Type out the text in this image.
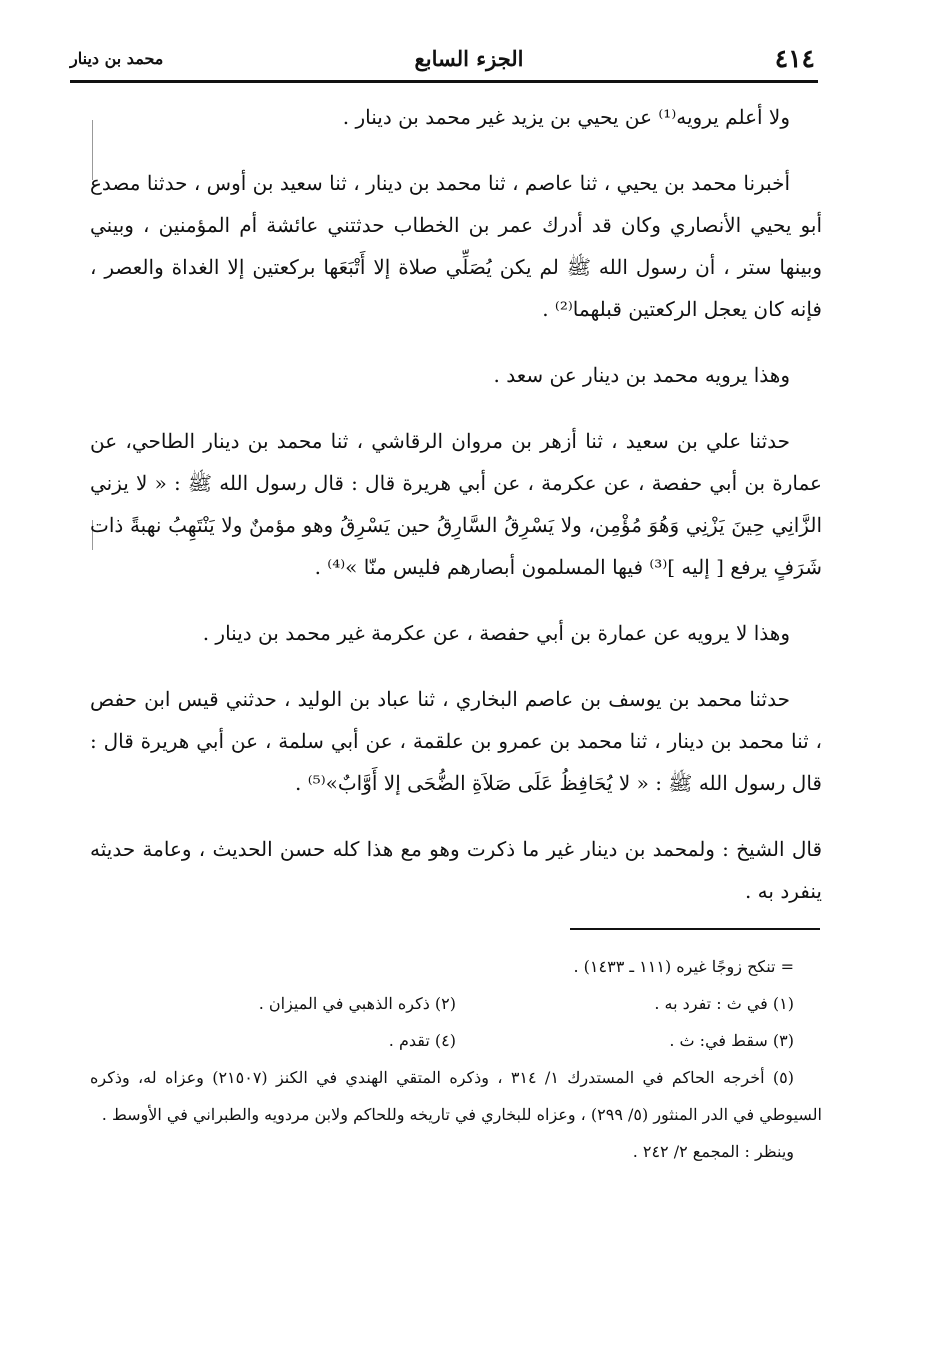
٤١٤
الجزء السابع
محمد بن دينار

ولا أعلم يرويه⁽¹⁾ عن يحيي بن يزيد غير محمد بن دينار .

أخبرنا محمد بن يحيي ، ثنا عاصم ، ثنا محمد بن دينار ، ثنا سعيد بن أوس ، حدثنا مصدع أبو يحيي الأنصاري وكان قد أدرك عمر بن الخطاب حدثتني عائشة أم المؤمنين ، وبيني وبينها ستر ، أن رسول الله ﷺ لم يكن يُصَلِّي صلاة إلا أَتْبَعَها بركعتين إلا الغداة والعصر ، فإنه كان يعجل الركعتين قبلهما⁽²⁾ .

وهذا يرويه محمد بن دينار عن سعد .

حدثنا علي بن سعيد ، ثنا أزهر بن مروان الرقاشي ، ثنا محمد بن دينار الطاحي، عن عمارة بن أبي حفصة ، عن عكرمة ، عن أبي هريرة قال : قال رسول الله ﷺ : « لا يزني الزَّانِي حِينَ يَزْنِي وَهُوَ مُؤْمِن، ولا يَسْرِقُ السَّارِقُ حين يَسْرِقُ وهو مؤمنٌ ولا يَنْتَهِبُ نهبةً ذات شَرَفٍ يرفع [ إليه ]⁽³⁾ فيها المسلمون أبصارهم فليس منّا »⁽⁴⁾ .

وهذا لا يرويه عن عمارة بن أبي حفصة ، عن عكرمة غير محمد بن دينار .

حدثنا محمد بن يوسف بن عاصم البخاري ، ثنا عباد بن الوليد ، حدثني قيس ابن حفص ، ثنا محمد بن دينار ، ثنا محمد بن عمرو بن علقمة ، عن أبي سلمة ، عن أبي هريرة قال : قال رسول الله ﷺ : « لا يُحَافِظُ عَلَى صَلاَةِ الضُّحَى إلا أَوَّابٌ»⁽⁵⁾ .

قال الشيخ : ولمحمد بن دينار غير ما ذكرت وهو مع هذا كله حسن الحديث ، وعامة حديثه ينفرد به .

= تنكح زوجًا غيره (١١١ ـ ١٤٣٣) .

(١) في ث : تفرد به .
(٢) ذكره الذهبي في الميزان .
(٣) سقط في: ث .
(٤) تقدم .

(٥) أخرجه الحاكم في المستدرك ١/ ٣١٤ ، وذكره المتقي الهندي في الكنز (٢١٥٠٧) وعزاه له، وذكره السيوطي في الدر المنثور (٥/ ٢٩٩) ، وعزاه للبخاري في تاريخه وللحاكم ولابن مردويه والطبراني في الأوسط .

وينظر : المجمع ٢/ ٢٤٢ .
